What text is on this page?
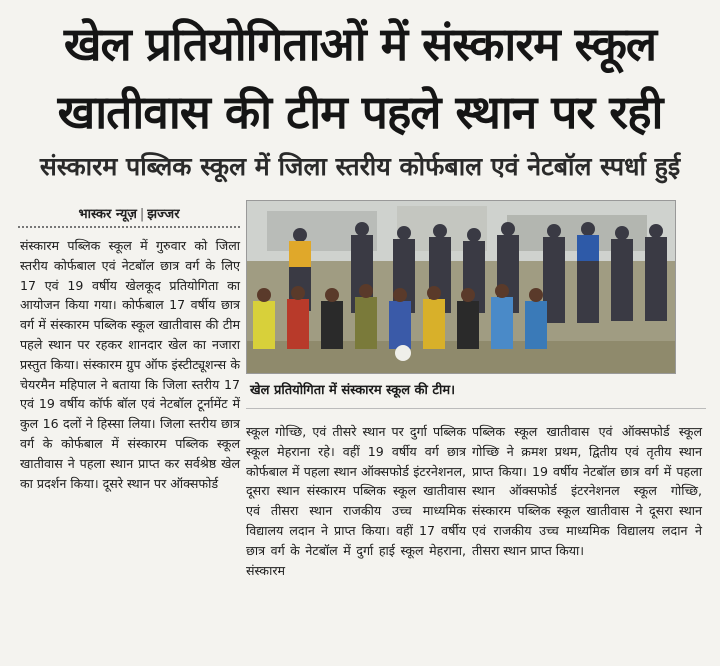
खेल प्रतियोगिताओं में संस्कारम स्कूल
खातीवास की टीम पहले स्थान पर रही
संस्कारम पब्लिक स्कूल में जिला स्तरीय कोर्फबाल एवं नेटबॉल स्पर्धा हुई
भास्कर न्यूज़ | झज्जर
संस्कारम पब्लिक स्कूल में गुरुवार को जिला स्तरीय कोर्फबाल एवं नेटबॉल छात्र वर्ग के लिए 17 एवं 19 वर्षीय खेलकूद प्रतियोगिता का आयोजन किया गया। कोर्फबाल 17 वर्षीय छात्र वर्ग में संस्कारम पब्लिक स्कूल खातीवास की टीम पहले स्थान पर रहकर शानदार खेल का नजारा प्रस्तुत किया। संस्कारम ग्रुप ऑफ इंस्टीट्यूशन्स के चेयरमैन महिपाल ने बताया कि जिला स्तरीय 17 एवं 19 वर्षीय कॉर्फ बॉल एवं नेटबॉल टूर्नामेंट में कुल 16 दलों ने हिस्सा लिया। जिला स्तरीय छात्र वर्ग के कोर्फबाल में संस्कारम पब्लिक स्कूल खातीवास ने पहला स्थान प्राप्त कर सर्वश्रेष्ठ खेल का प्रदर्शन किया। दूसरे स्थान पर ऑक्सफोर्ड
खेल प्रतियोगिता में संस्कारम स्कूल की टीम।
स्कूल गोच्छि, एवं तीसरे स्थान पर दुर्गा पब्लिक स्कूल मेहराना रहे। वहीं 19 वर्षीय वर्ग छात्र कोर्फबाल में पहला स्थान ऑक्सफोर्ड इंटरनेशनल, दूसरा स्थान संस्कारम पब्लिक स्कूल खातीवास एवं तीसरा स्थान राजकीय उच्च माध्यमिक विद्यालय लदान ने प्राप्त किया। वहीं 17 वर्षीय छात्र वर्ग के नेटबॉल में दुर्गा हाई स्कूल मेहराना, संस्कारम
पब्लिक स्कूल खातीवास एवं ऑक्सफोर्ड स्कूल गोच्छि ने क्रमश प्रथम, द्वितीय एवं तृतीय स्थान प्राप्त किया। 19 वर्षीय नेटबॉल छात्र वर्ग में पहला स्थान ऑक्सफोर्ड इंटरनेशनल स्कूल गोच्छि, संस्कारम पब्लिक स्कूल खातीवास ने दूसरा स्थान एवं राजकीय उच्च माध्यमिक विद्यालय लदान ने तीसरा स्थान प्राप्त किया।
